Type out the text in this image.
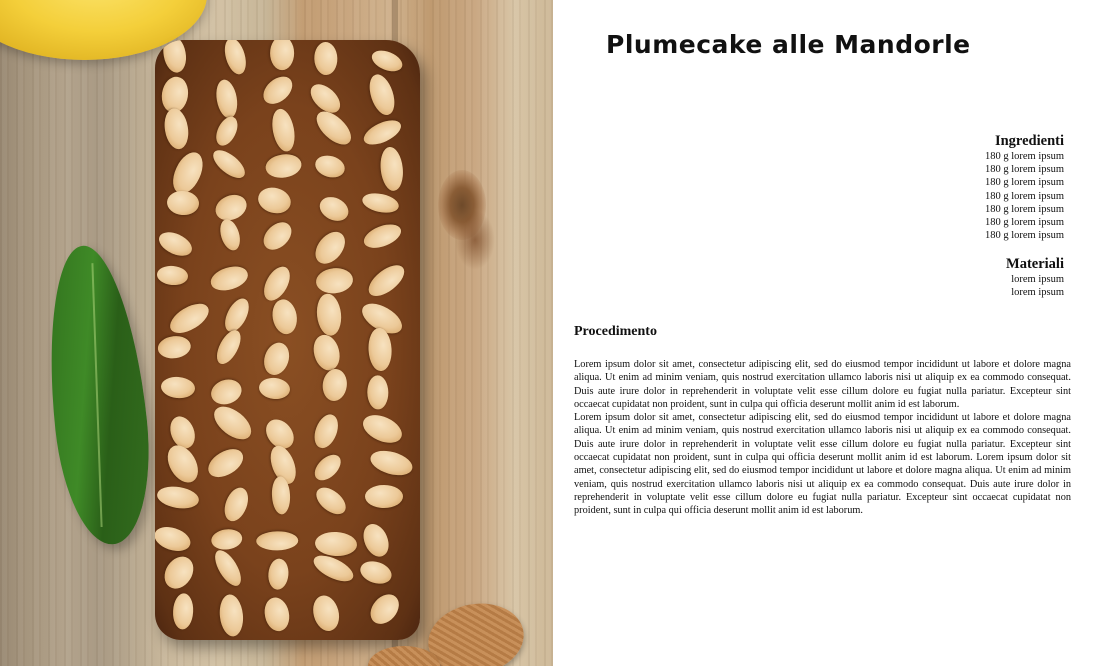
Plumecake alle Mandorle
Ingredienti
180 g lorem ipsum
180 g lorem ipsum
180 g lorem ipsum
180 g lorem ipsum
180 g lorem ipsum
180 g lorem ipsum
180 g lorem ipsum
Materiali
lorem ipsum
lorem ipsum
Procedimento

Lorem ipsum dolor sit amet, consectetur adipiscing elit, sed do eiusmod tempor incididunt ut labore et dolore magna aliqua. Ut enim ad minim veniam, quis nostrud exercitation ullamco laboris nisi ut aliquip ex ea commodo consequat. Duis aute irure dolor in reprehenderit in voluptate velit esse cillum dolore eu fugiat nulla pariatur. Excepteur sint occaecat cupidatat non proident, sunt in culpa qui officia deserunt mollit anim id est laborum.

Lorem ipsum dolor sit amet, consectetur adipiscing elit, sed do eiusmod tempor incididunt ut labore et dolore magna aliqua. Ut enim ad minim veniam, quis nostrud exercitation ullamco laboris nisi ut aliquip ex ea commodo consequat. Duis aute irure dolor in reprehenderit in voluptate velit esse cillum dolore eu fugiat nulla pariatur. Excepteur sint occaecat cupidatat non proident, sunt in culpa qui officia deserunt mollit anim id est laborum. Lorem ipsum dolor sit amet, consectetur adipiscing elit, sed do eiusmod tempor incididunt ut labore et dolore magna aliqua. Ut enim ad minim veniam, quis nostrud exercitation ullamco laboris nisi ut aliquip ex ea commodo consequat. Duis aute irure dolor in reprehenderit in voluptate velit esse cillum dolore eu fugiat nulla pariatur. Excepteur sint occaecat cupidatat non proident, sunt in culpa qui officia deserunt mollit anim id est laborum.
